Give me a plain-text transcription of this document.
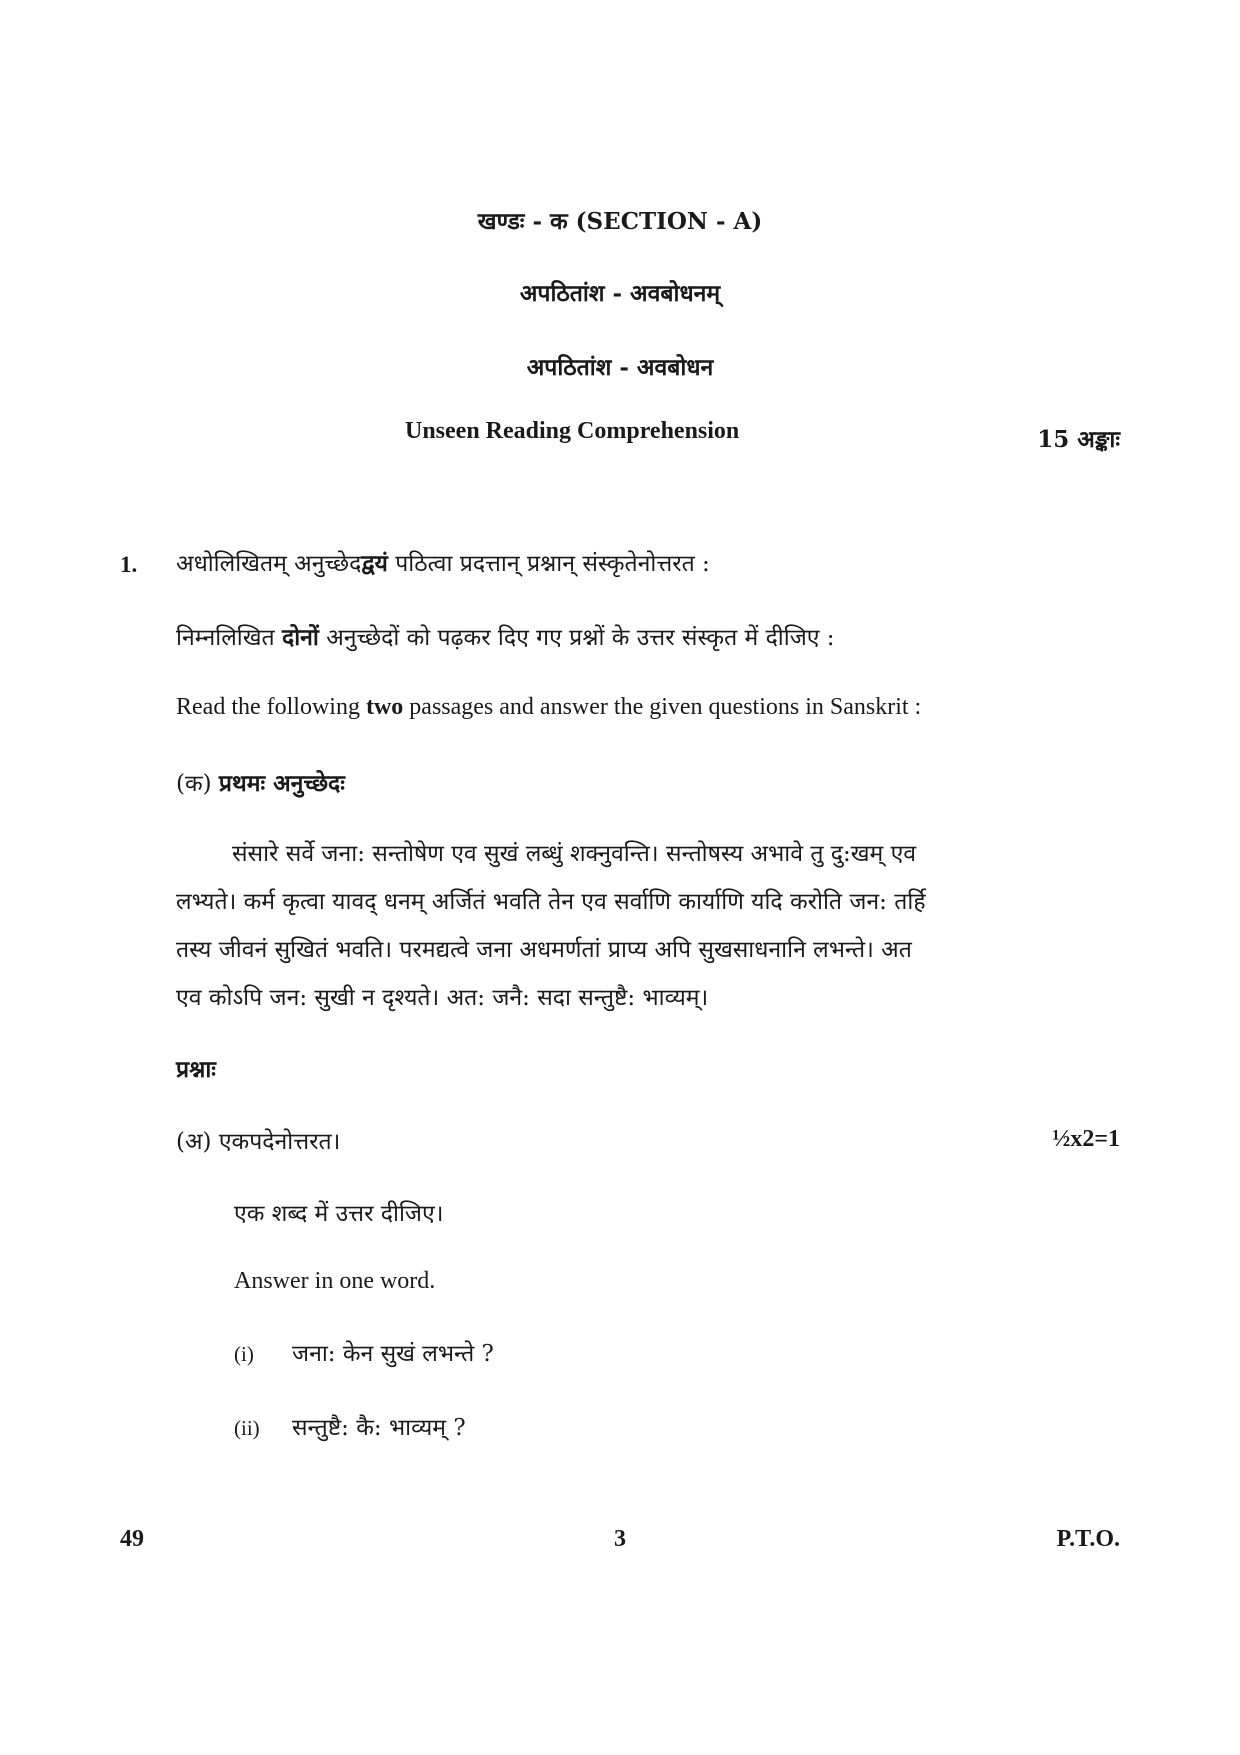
खण्डः - क (SECTION - A)
अपठितांश - अवबोधनम्
अपठितांश - अवबोधन
Unseen Reading Comprehension	15 अङ्काः
1. अधोलिखितम् अनुच्छेदद्वयं पठित्वा प्रदत्तान् प्रश्नान् संस्कृतेनोत्तरत :
निम्नलिखित दोनों अनुच्छेदों को पढ़कर दिए गए प्रश्नों के उत्तर संस्कृत में दीजिए :
Read the following two passages and answer the given questions in Sanskrit :
(क) प्रथमः अनुच्छेदः
संसारे सर्वे जना: सन्तोषेण एव सुखं लब्धुं शक्नुवन्ति। सन्तोषस्य अभावे तु दु:खम् एव
लभ्यते। कर्म कृत्वा यावद् धनम् अर्जितं भवति तेन एव सर्वाणि कार्याणि यदि करोति जन: तर्हि
तस्य जीवनं सुखितं भवति। परमद्यत्वे जना अधमर्णतां प्राप्य अपि सुखसाधनानि लभन्ते। अत
एव कोऽपि जन: सुखी न दृश्यते। अत: जनै: सदा सन्तुष्टै: भाव्यम्।
प्रश्नाः
(अ) एकपदेनोत्तरत।	½x2=1
एक शब्द में उत्तर दीजिए।
Answer in one word.
(i) जना: केन सुखं लभन्ते ?
(ii) सन्तुष्टै: कै: भाव्यम् ?
49	3	P.T.O.
